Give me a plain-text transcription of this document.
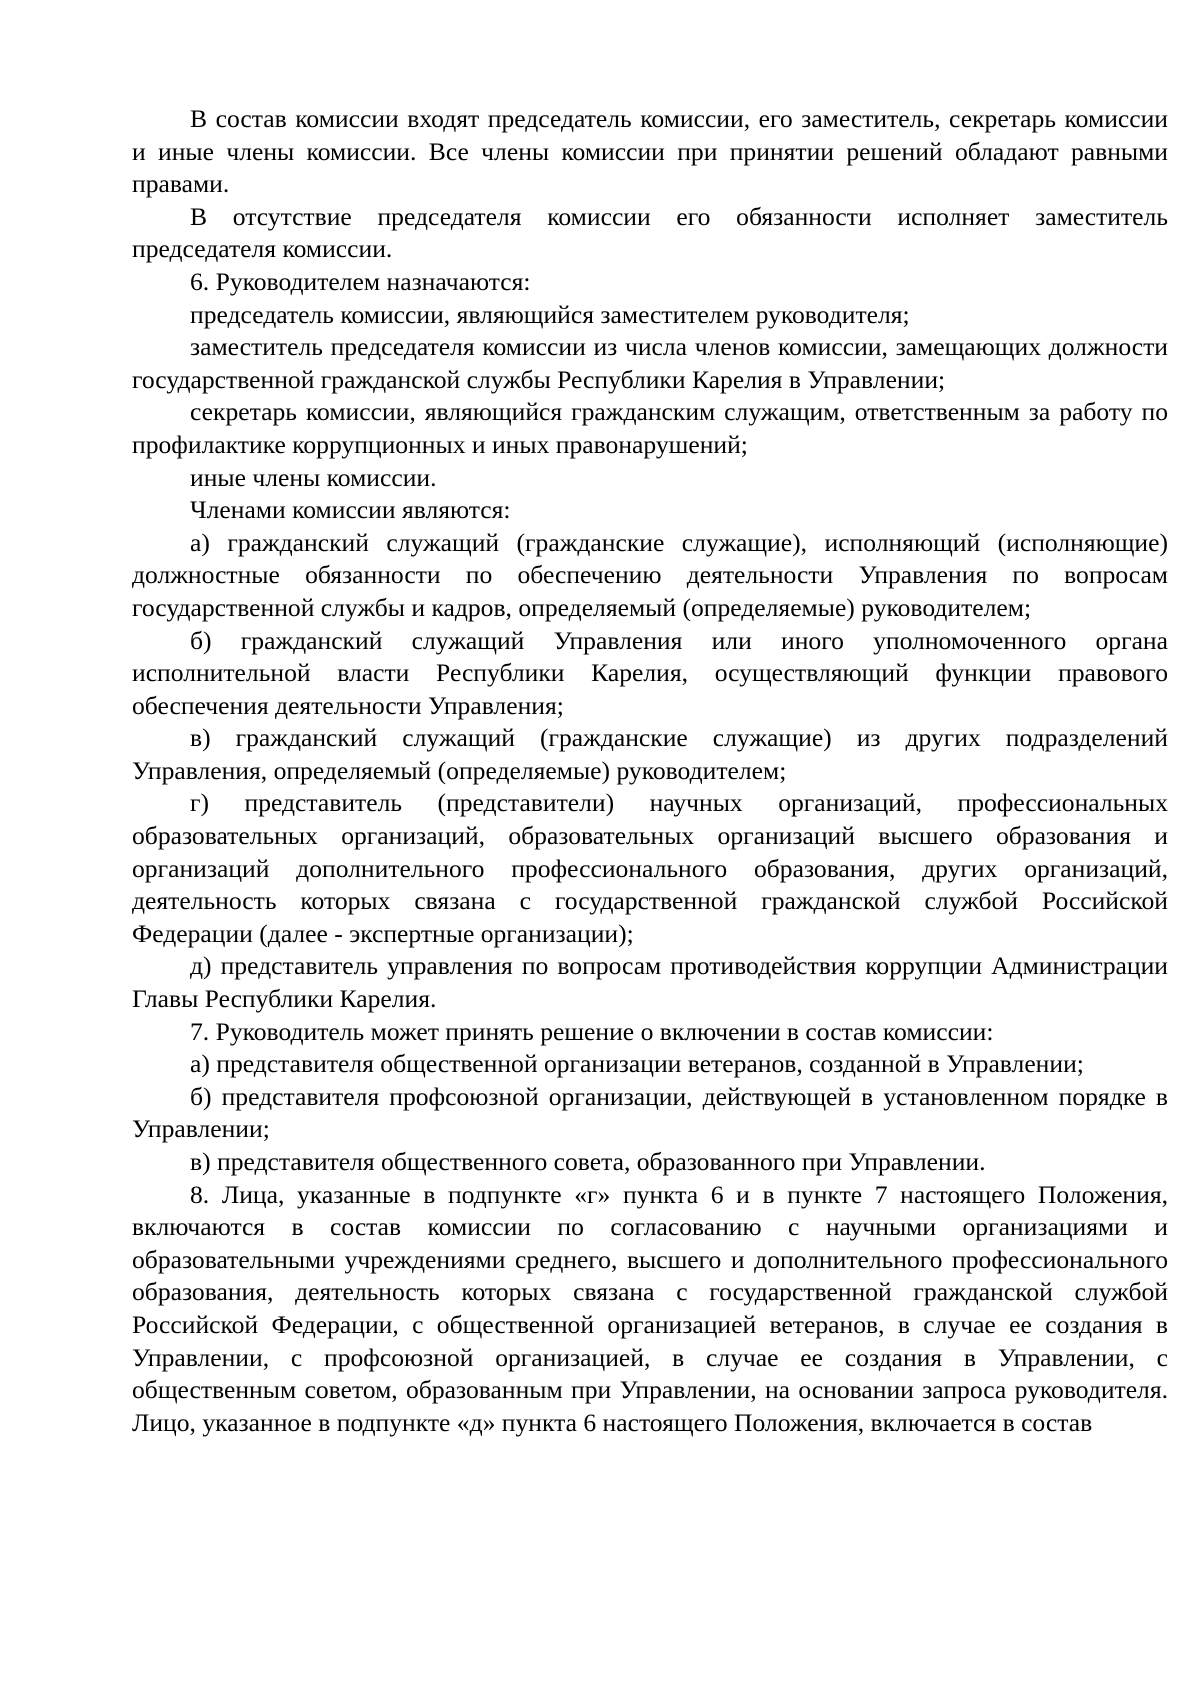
В состав комиссии входят председатель комиссии, его заместитель, секретарь комиссии и иные члены комиссии. Все члены комиссии при принятии решений обладают равными правами.

В отсутствие председателя комиссии его обязанности исполняет заместитель председателя комиссии.

6. Руководителем назначаются:

председатель комиссии, являющийся заместителем руководителя;

заместитель председателя комиссии из числа членов комиссии, замещающих должности государственной гражданской службы Республики Карелия в Управлении;

секретарь комиссии, являющийся гражданским служащим, ответственным за работу по профилактике коррупционных и иных правонарушений;

иные члены комиссии.

Членами комиссии являются:

а) гражданский служащий (гражданские служащие), исполняющий (исполняющие) должностные обязанности по обеспечению деятельности Управления по вопросам государственной службы и кадров, определяемый (определяемые) руководителем;

б) гражданский служащий Управления или иного уполномоченного органа исполнительной власти Республики Карелия, осуществляющий функции правового обеспечения деятельности Управления;

в) гражданский служащий (гражданские служащие) из других подразделений Управления, определяемый (определяемые) руководителем;

г) представитель (представители) научных организаций, профессиональных образовательных организаций, образовательных организаций высшего образования и организаций дополнительного профессионального образования, других организаций, деятельность которых связана с государственной гражданской службой Российской Федерации (далее - экспертные организации);

д) представитель управления по вопросам противодействия коррупции Администрации Главы Республики Карелия.

7. Руководитель может принять решение о включении в состав комиссии:

а) представителя общественной организации ветеранов, созданной в Управлении;

б) представителя профсоюзной организации, действующей в установленном порядке в Управлении;

в) представителя общественного совета, образованного при Управлении.

8. Лица, указанные в подпункте «г» пункта 6 и в пункте 7 настоящего Положения, включаются в состав комиссии по согласованию с научными организациями и образовательными учреждениями среднего, высшего и дополнительного профессионального образования, деятельность которых связана с государственной гражданской службой Российской Федерации, с общественной организацией ветеранов, в случае ее создания в Управлении, с профсоюзной организацией, в случае ее создания в Управлении, с общественным советом, образованным при Управлении, на основании запроса руководителя. Лицо, указанное в подпункте «д» пункта 6 настоящего Положения, включается в состав
